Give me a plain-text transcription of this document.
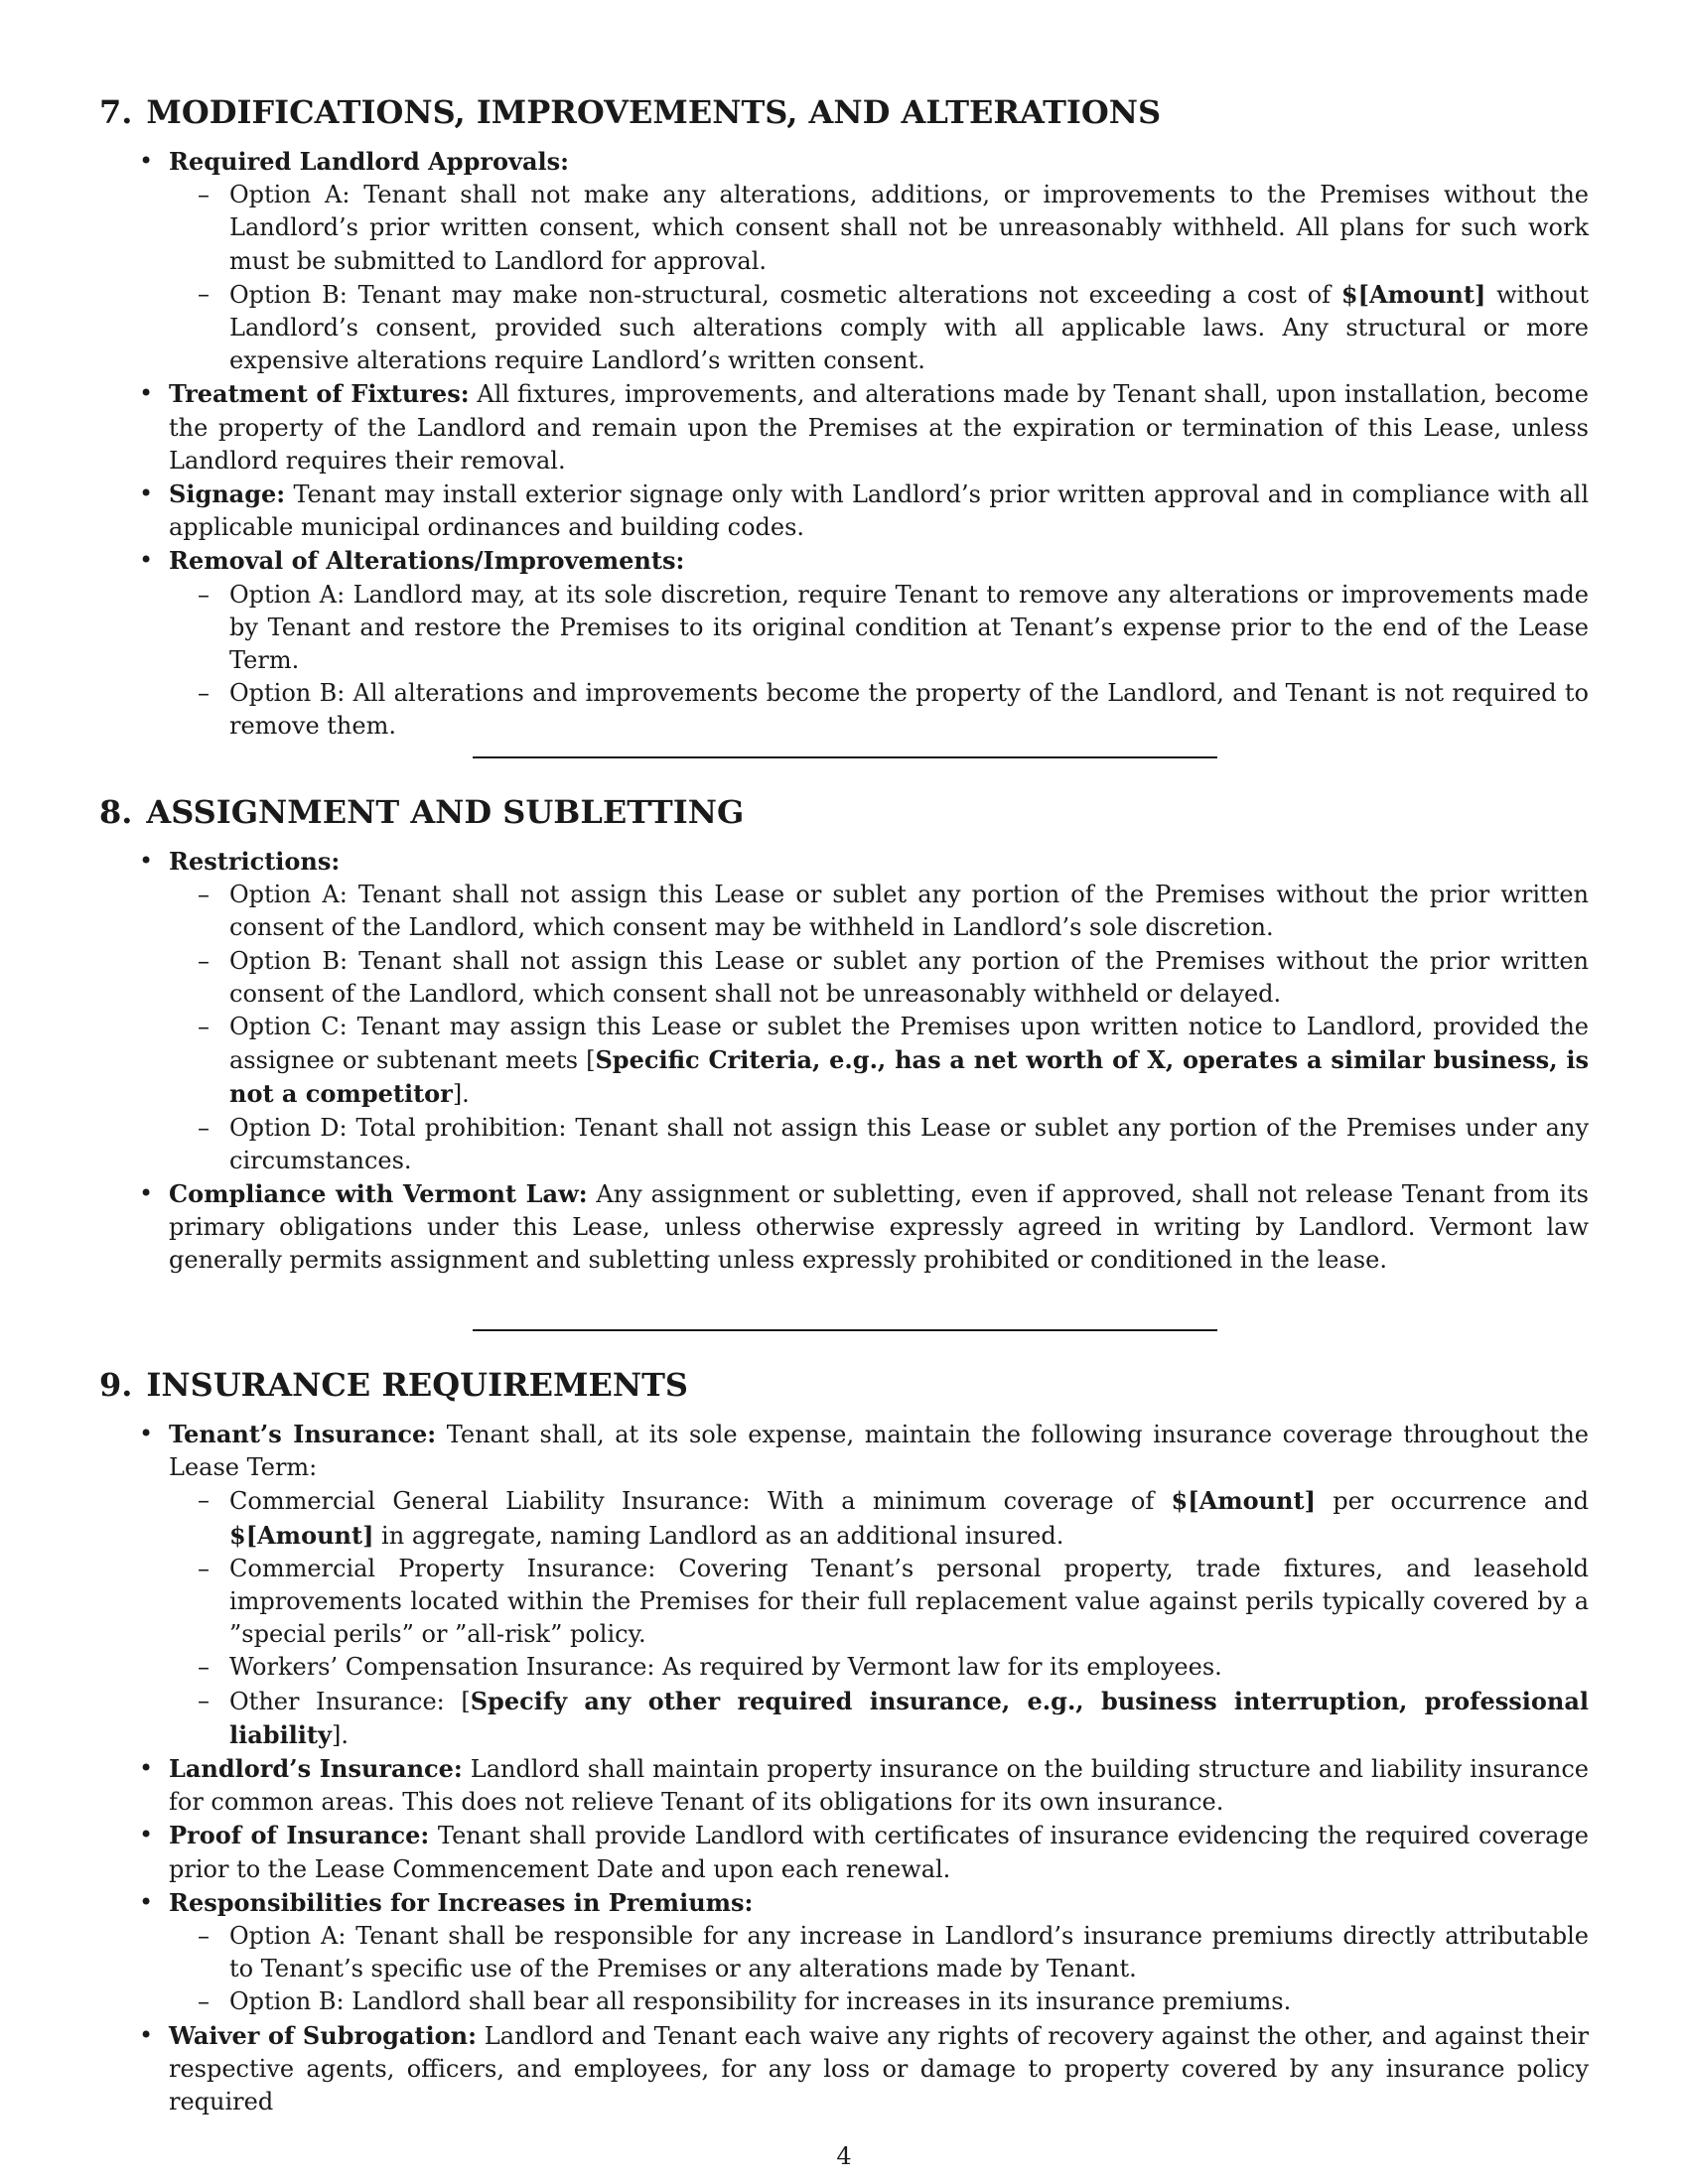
7. MODIFICATIONS, IMPROVEMENTS, AND ALTERATIONS
• Required Landlord Approvals:
– Option A: Tenant shall not make any alterations, additions, or improvements to the Premises without the Landlord’s prior written consent, which consent shall not be unreasonably withheld. All plans for such work must be submitted to Landlord for approval.
– Option B: Tenant may make non-structural, cosmetic alterations not exceeding a cost of $[Amount] without Landlord’s consent, provided such alterations comply with all applicable laws. Any structural or more expensive alterations require Landlord’s written consent.
• Treatment of Fixtures: All fixtures, improvements, and alterations made by Tenant shall, upon installation, become the property of the Landlord and remain upon the Premises at the expiration or termination of this Lease, unless Landlord requires their removal.
• Signage: Tenant may install exterior signage only with Landlord’s prior written approval and in compliance with all applicable municipal ordinances and building codes.
• Removal of Alterations/Improvements:
– Option A: Landlord may, at its sole discretion, require Tenant to remove any alterations or improvements made by Tenant and restore the Premises to its original condition at Tenant’s expense prior to the end of the Lease Term.
– Option B: All alterations and improvements become the property of the Landlord, and Tenant is not required to remove them.
8. ASSIGNMENT AND SUBLETTING
• Restrictions:
– Option A: Tenant shall not assign this Lease or sublet any portion of the Premises without the prior written consent of the Landlord, which consent may be withheld in Landlord’s sole discretion.
– Option B: Tenant shall not assign this Lease or sublet any portion of the Premises without the prior written consent of the Landlord, which consent shall not be unreasonably withheld or delayed.
– Option C: Tenant may assign this Lease or sublet the Premises upon written notice to Landlord, provided the assignee or subtenant meets [Specific Criteria, e.g., has a net worth of X, operates a similar business, is not a competitor].
– Option D: Total prohibition: Tenant shall not assign this Lease or sublet any portion of the Premises under any circumstances.
• Compliance with Vermont Law: Any assignment or subletting, even if approved, shall not release Tenant from its primary obligations under this Lease, unless otherwise expressly agreed in writing by Landlord. Vermont law generally permits assignment and subletting unless expressly prohibited or conditioned in the lease.
9. INSURANCE REQUIREMENTS
• Tenant’s Insurance: Tenant shall, at its sole expense, maintain the following insurance coverage throughout the Lease Term:
– Commercial General Liability Insurance: With a minimum coverage of $[Amount] per occurrence and $[Amount] in aggregate, naming Landlord as an additional insured.
– Commercial Property Insurance: Covering Tenant’s personal property, trade fixtures, and leasehold improvements located within the Premises for their full replacement value against perils typically covered by a ”special perils” or ”all-risk” policy.
– Workers’ Compensation Insurance: As required by Vermont law for its employees.
– Other Insurance: [Specify any other required insurance, e.g., business interruption, professional liability].
• Landlord’s Insurance: Landlord shall maintain property insurance on the building structure and liability insurance for common areas. This does not relieve Tenant of its obligations for its own insurance.
• Proof of Insurance: Tenant shall provide Landlord with certificates of insurance evidencing the required coverage prior to the Lease Commencement Date and upon each renewal.
• Responsibilities for Increases in Premiums:
– Option A: Tenant shall be responsible for any increase in Landlord’s insurance premiums directly attributable to Tenant’s specific use of the Premises or any alterations made by Tenant.
– Option B: Landlord shall bear all responsibility for increases in its insurance premiums.
• Waiver of Subrogation: Landlord and Tenant each waive any rights of recovery against the other, and against their respective agents, officers, and employees, for any loss or damage to property covered by any insurance policy required
4
